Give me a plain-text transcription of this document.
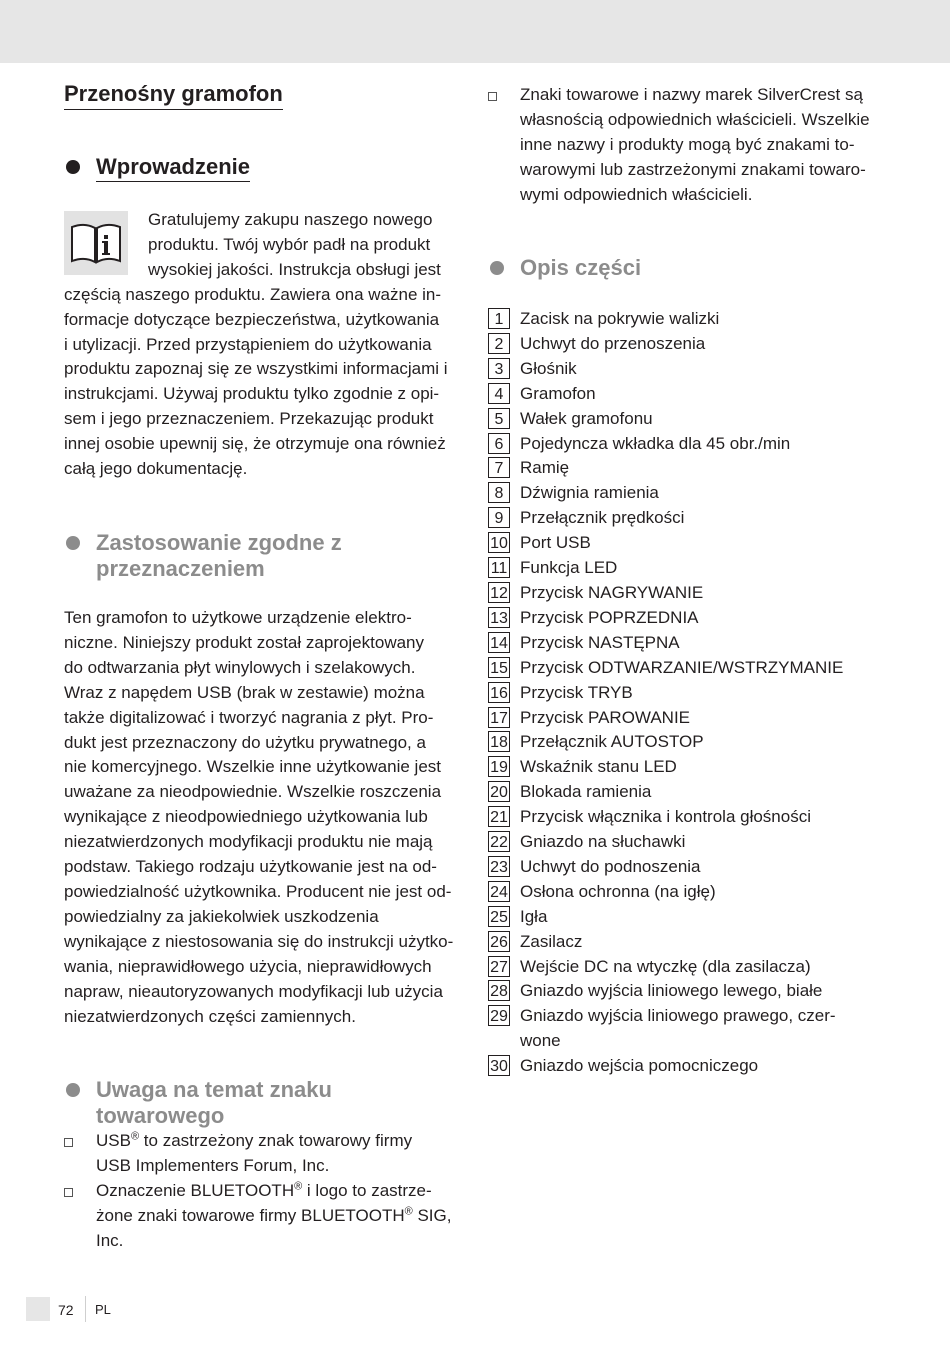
Przenośny gramofon
Wprowadzenie

Gratulujemy zakupu naszego nowego

produktu. Twój wybór padł na produkt

wysokiej jakości. Instrukcja obsługi jest

częścią naszego produktu. Zawiera ona ważne in-

formacje dotyczące bezpieczeństwa, użytkowania

i utylizacji. Przed przystąpieniem do użytkowania

produktu zapoznaj się ze wszystkimi informacjami i

instrukcjami. Używaj produktu tylko zgodnie z opi-

sem i jego przeznaczeniem. Przekazując produkt

innej osobie upewnij się, że otrzymuje ona również

całą jego dokumentację.

Zastosowanie zgodne z
przeznaczeniem

Ten gramofon to użytkowe urządzenie elektro-

niczne. Niniejszy produkt został zaprojektowany

do odtwarzania płyt winylowych i szelakowych.

Wraz z napędem USB (brak w zestawie) można

także digitalizować i tworzyć nagrania z płyt. Pro-

dukt jest przeznaczony do użytku prywatnego, a

nie komercyjnego. Wszelkie inne użytkowanie jest

uważane za nieodpowiednie. Wszelkie roszczenia

wynikające z nieodpowiedniego użytkowania lub

niezatwierdzonych modyfikacji produktu nie mają

podstaw. Takiego rodzaju użytkowanie jest na od-

powiedzialność użytkownika. Producent nie jest od-

powiedzialny za jakiekolwiek uszkodzenia

wynikające z niestosowania się do instrukcji użytko-

wania, nieprawidłowego użycia, nieprawidłowych

napraw, nieautoryzowanych modyfikacji lub użycia

niezatwierdzonych części zamiennych.

Uwaga na temat znaku
towarowego
USB® to zastrzeżony znak towarowy firmy
USB Implementers Forum, Inc.
Oznaczenie BLUETOOTH® i logo to zastrze-
żone znaki towarowe firmy BLUETOOTH® SIG,
Inc.
Znaki towarowe i nazwy marek SilverCrest są
własnością odpowiednich właścicieli. Wszelkie
inne nazwy i produkty mogą być znakami to-
warowymi lub zastrzeżonymi znakami towaro-
wymi odpowiednich właścicieli.
Opis części
1 Zacisk na pokrywie walizki
2 Uchwyt do przenoszenia
3 Głośnik
4 Gramofon
5 Wałek gramofonu
6 Pojedyncza wkładka dla 45 obr./min
7 Ramię
8 Dźwignia ramienia
9 Przełącznik prędkości
10 Port USB
11 Funkcja LED
12 Przycisk NAGRYWANIE
13 Przycisk POPRZEDNIA
14 Przycisk NASTĘPNA
15 Przycisk ODTWARZANIE/WSTRZYMANIE
16 Przycisk TRYB
17 Przycisk PAROWANIE
18 Przełącznik AUTOSTOP
19 Wskaźnik stanu LED
20 Blokada ramienia
21 Przycisk włącznika i kontrola głośności
22 Gniazdo na słuchawki
23 Uchwyt do podnoszenia
24 Osłona ochronna (na igłę)
25 Igła
26 Zasilacz
27 Wejście DC na wtyczkę (dla zasilacza)
28 Gniazdo wyjścia liniowego lewego, białe
29 Gniazdo wyjścia liniowego prawego, czer-
wone
30 Gniazdo wejścia pomocniczego
72 PL
